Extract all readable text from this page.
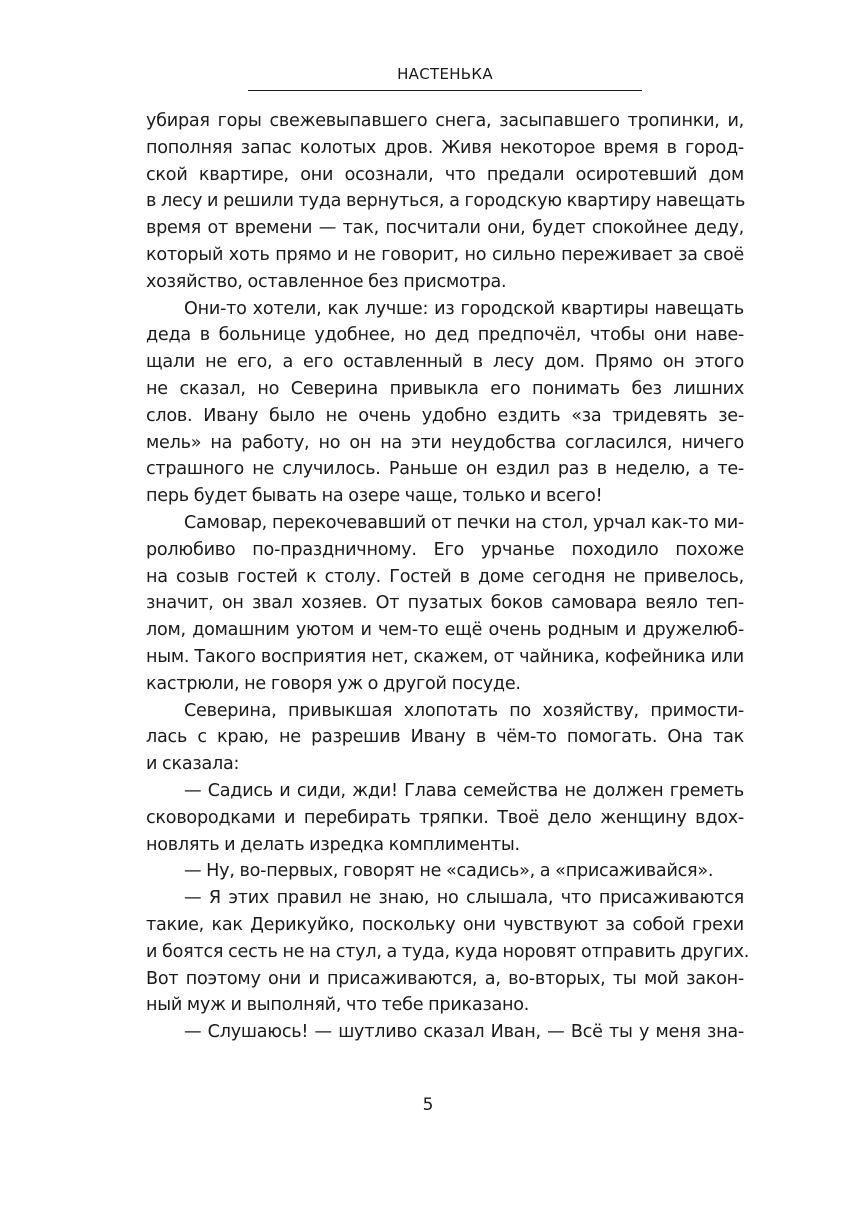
НАСТЕНЬКА
убирая горы свежевыпавшего снега, засыпавшего тропинки, и,
пополняя запас колотых дров. Живя некоторое время в город-
ской квартире, они осознали, что предали осиротевший дом
в лесу и решили туда вернуться, а городскую квартиру навещать
время от времени — так, посчитали они, будет спокойнее деду,
который хоть прямо и не говорит, но сильно переживает за своё
хозяйство, оставленное без присмотра.
Они-то хотели, как лучше: из городской квартиры навещать
деда в больнице удобнее, но дед предпочёл, чтобы они наве-
щали не его, а его оставленный в лесу дом. Прямо он этого
не сказал, но Северина привыкла его понимать без лишних
слов. Ивану было не очень удобно ездить «за тридевять зе-
мель» на работу, но он на эти неудобства согласился, ничего
страшного не случилось. Раньше он ездил раз в неделю, а те-
перь будет бывать на озере чаще, только и всего!
Самовар, перекочевавший от печки на стол, урчал как-то ми-
ролюбиво по-праздничному. Его урчанье походило похоже
на созыв гостей к столу. Гостей в доме сегодня не привелось,
значит, он звал хозяев. От пузатых боков самовара веяло теп-
лом, домашним уютом и чем-то ещё очень родным и дружелюб-
ным. Такого восприятия нет, скажем, от чайника, кофейника или
кастрюли, не говоря уж о другой посуде.
Северина, привыкшая хлопотать по хозяйству, примости-
лась с краю, не разрешив Ивану в чём-то помогать. Она так
и сказала:
— Садись и сиди, жди! Глава семейства не должен греметь
сковородками и перебирать тряпки. Твоё дело женщину вдох-
новлять и делать изредка комплименты.
— Ну, во-первых, говорят не «садись», а «присаживайся».
— Я этих правил не знаю, но слышала, что присаживаются
такие, как Дерикуйко, поскольку они чувствуют за собой грехи
и боятся сесть не на стул, а туда, куда норовят отправить других.
Вот поэтому они и присаживаются, а, во-вторых, ты мой закон-
ный муж и выполняй, что тебе приказано.
— Слушаюсь! — шутливо сказал Иван, — Всё ты у меня зна-
5
